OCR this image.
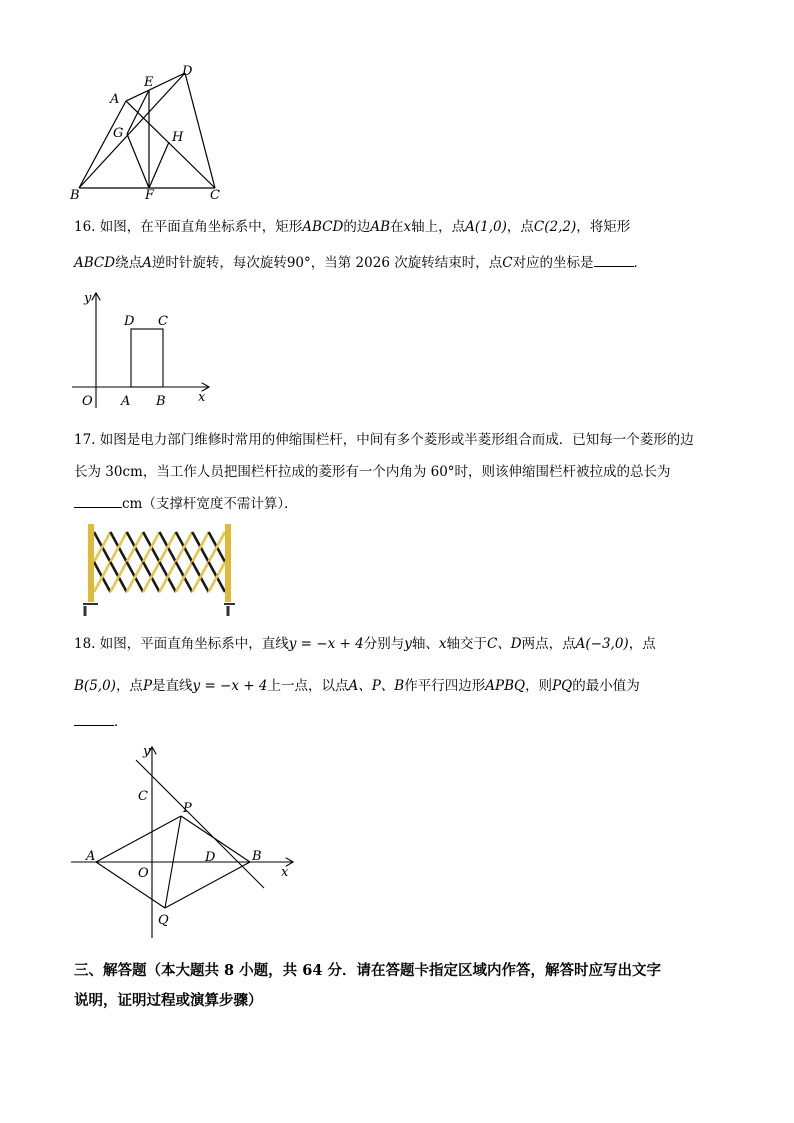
A
E
D
G	H
B	F	C
16. 如图，在平面直角坐标系中，矩形ABCD的边AB在x轴上，点A(1,0)，点C(2,2)，将矩形
ABCD绕点A逆时针旋转，每次旋转90°，当第 2026 次旋转结束时，点C对应的坐标是	．
y
x
O A B
D C
17. 如图是电力部门维修时常用的伸缩围栏杆，中间有多个菱形或半菱形组合而成．已知每一个菱形的边
长为 30cm，当工作人员把围栏杆拉成的菱形有一个内角为 60°时，则该伸缩围栏杆被拉成的总长为
cm（支撑杆宽度不需计算）．
18. 如图，平面直角坐标系中，直线y = −x + 4分别与y轴、x轴交于C、D两点，点A(−3,0)，点
B(5,0)，点P是直线y = −x + 4上一点，以点A、P、B作平行四边形APBQ，则PQ的最小值为
．
y
x
A	B
C
D
P
O
Q
三、解答题（本大题共 8 小题，共 64 分．请在答题卡指定区域内作答，解答时应写出文字
说明，证明过程或演算步骤）
